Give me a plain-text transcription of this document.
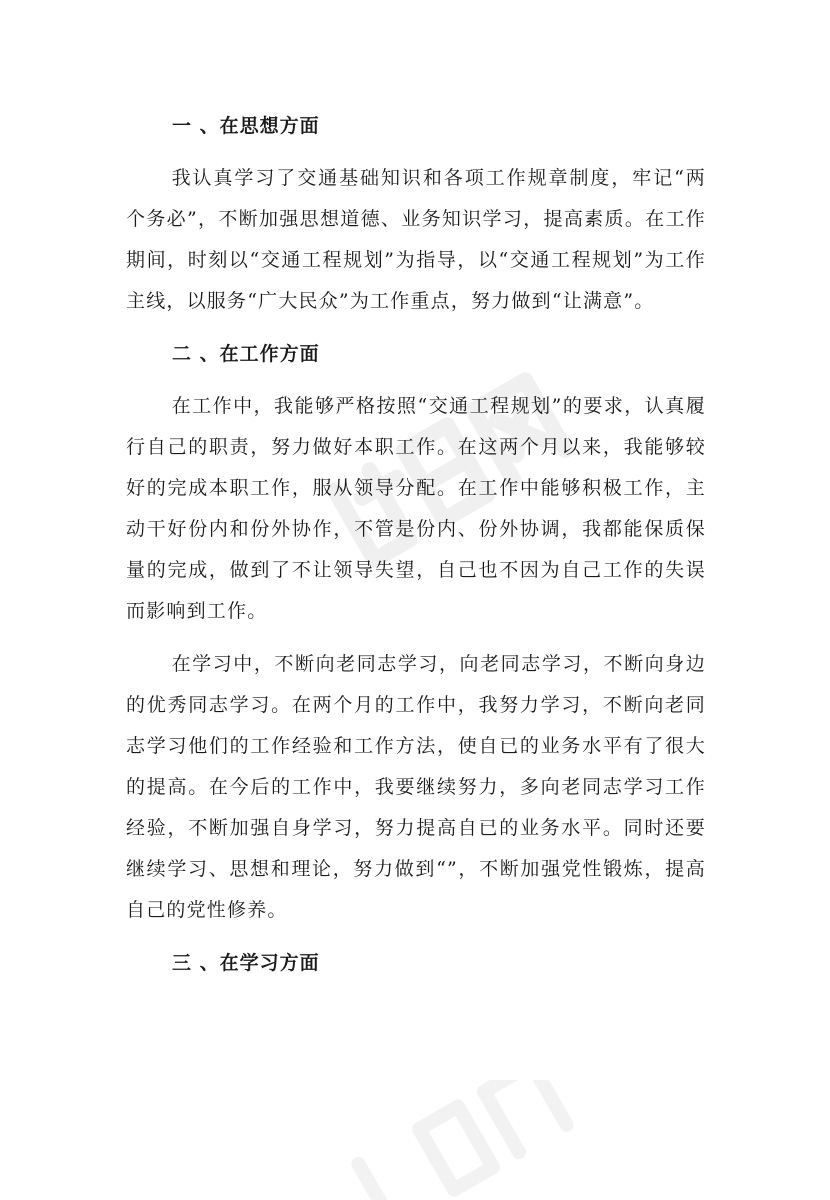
一 、在思想方面

我认真学习了交通基础知识和各项工作规章制度，牢记“两个务必”，不断加强思想道德、业务知识学习，提高素质。在工作期间，时刻以“交通工程规划”为指导，以“交通工程规划”为工作主线，以服务“广大民众”为工作重点，努力做到“让满意”。

二 、在工作方面

在工作中，我能够严格按照“交通工程规划”的要求，认真履行自己的职责，努力做好本职工作。在这两个月以来，我能够较好的完成本职工作，服从领导分配。在工作中能够积极工作，主动干好份内和份外协作，不管是份内、份外协调，我都能保质保量的完成，做到了不让领导失望，自己也不因为自己工作的失误而影响到工作。

在学习中，不断向老同志学习，向老同志学习，不断向身边的优秀同志学习。在两个月的工作中，我努力学习，不断向老同志学习他们的工作经验和工作方法，使自已的业务水平有了很大的提高。在今后的工作中，我要继续努力，多向老同志学习工作经验，不断加强自身学习，努力提高自已的业务水平。同时还要继续学习、思想和理论，努力做到“”，不断加强党性锻炼，提高自己的党性修养。

三 、在学习方面
